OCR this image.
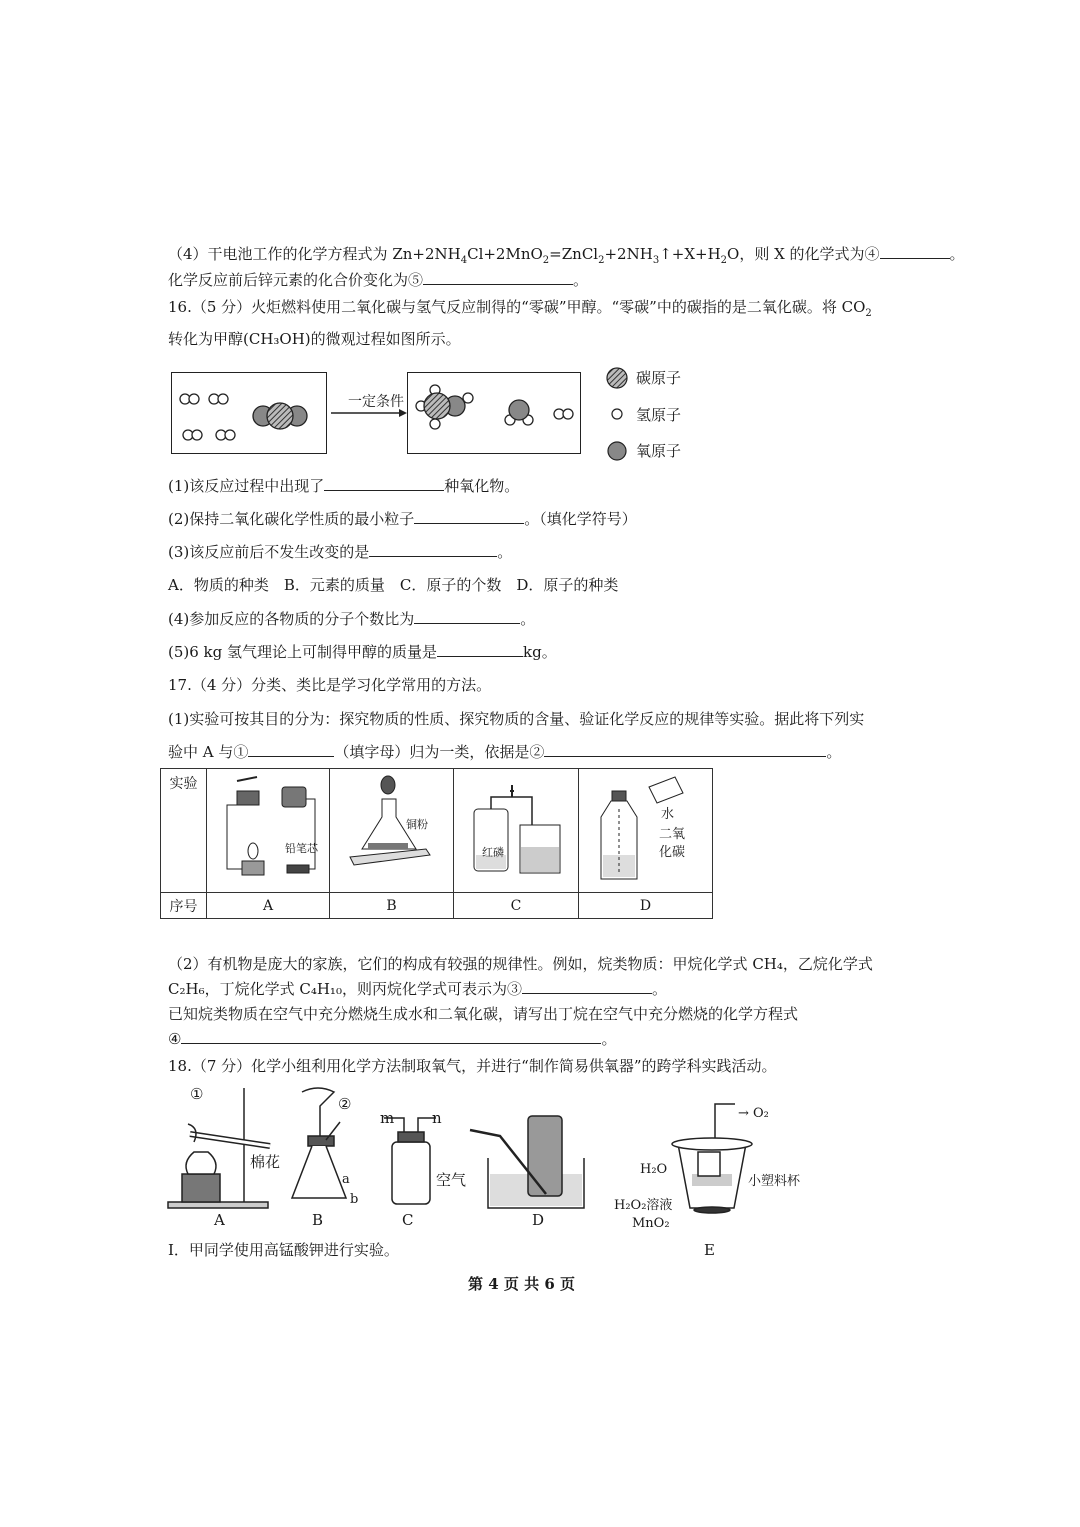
（4）干电池工作的化学方程式为 $Zn+2NH_4Cl+2MnO_2=ZnCl_2+2NH_3↑+X+H_2O$，则 X 的化学式为④	。
化学反应前后锌元素的化合价变化为⑤	。
16.（5 分）火炬燃料使用二氧化碳与氢气反应制得的“零碳”甲醇。“零碳”中的碳指的是二氧化碳。将 $CO_2$
转化为甲醇(CH₃OH)的微观过程如图所示。
一定条件
碳原子
氢原子
氧原子
(1)该反应过程中出现了	种氧化物。
(2)保持二氧化碳化学性质的最小粒子	。（填化学符号）
(3)该反应前后不发生改变的是	。
A．物质的种类　B．元素的质量　C．原子的个数　D．原子的种类
(4)参加反应的各物质的分子个数比为	。
(5)6 kg 氢气理论上可制得甲醇的质量是	kg。
17.（4 分）分类、类比是学习化学常用的方法。
(1)实验可按其目的分为：探究物质的性质、探究物质的含量、验证化学反应的规律等实验。据此将下列实
验中 A 与①	（填字母）归为一类，依据是②	。
实验	铅笔芯	铜粉	红磷	水
二氧
化碳

序号	A	B	C	D
（2）有机物是庞大的家族，它们的构成有较强的规律性。例如，烷类物质：甲烷化学式 CH₄，乙烷化学式
C₂H₆，丁烷化学式 C₄H₁₀，则丙烷化学式可表示为③	。
已知烷类物质在空气中充分燃烧生成水和二氧化碳，请写出丁烷在空气中充分燃烧的化学方程式
④	。
18.（7 分）化学小组利用化学方法制取氧气，并进行“制作简易供氧器”的跨学科实践活动。
①
②
棉花
A
a
b
B
m	n
空气
C	D
→ O₂
H₂O
小塑料杯
H₂O₂溶液
MnO₂
E
Ⅰ．甲同学使用高锰酸钾进行实验。
第 4 页 共 6 页
